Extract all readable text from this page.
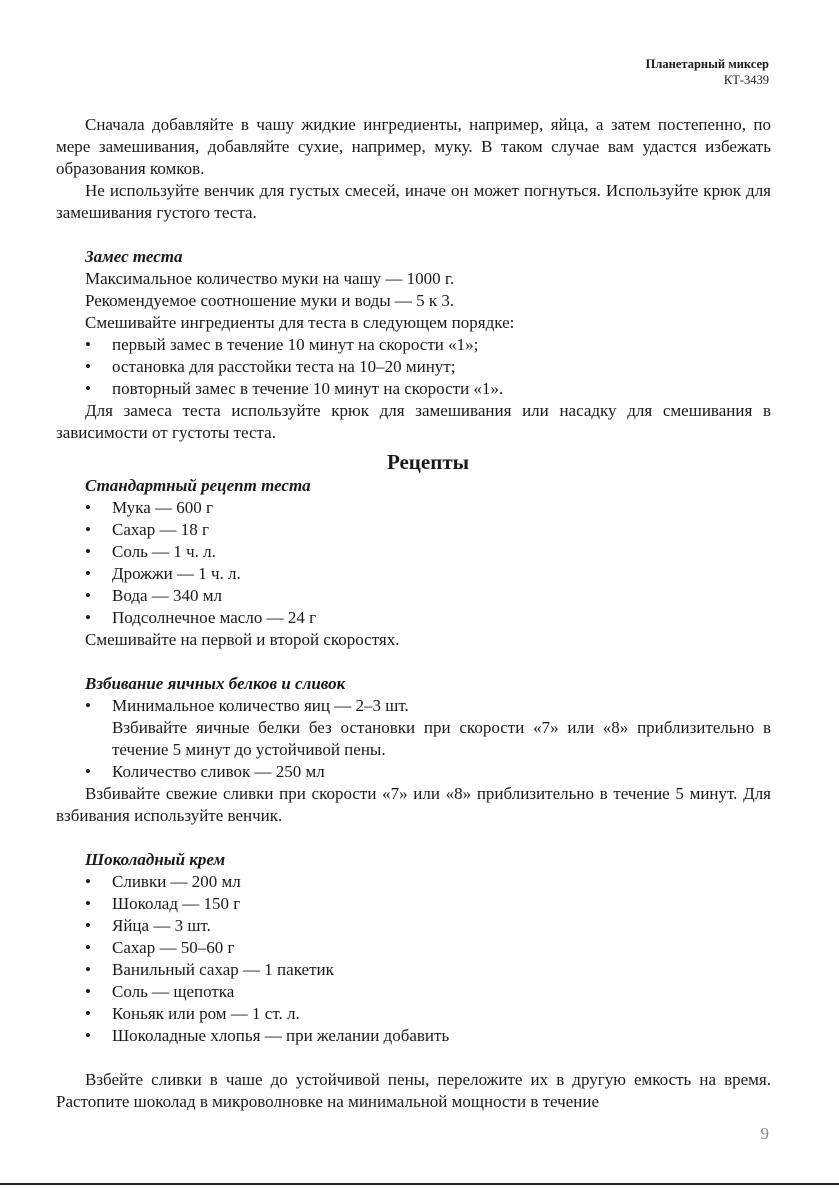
Планетарный миксер
КТ-3439

Сначала добавляйте в чашу жидкие ингредиенты, например, яйца, а затем постепенно, по мере замешивания, добавляйте сухие, например, муку. В таком случае вам удастся избежать образования комков.

Не используйте венчик для густых смесей, иначе он может погнуться. Используйте крюк для замешивания густого теста.

Замес теста

Максимальное количество муки на чашу — 1000 г.

Рекомендуемое соотношение муки и воды — 5 к 3.

Смешивайте ингредиенты для теста в следующем порядке:

• первый замес в течение 10 минут на скорости «1»;
• остановка для расстойки теста на 10–20 минут;
• повторный замес в течение 10 минут на скорости «1».

Для замеса теста используйте крюк для замешивания или насадку для смешивания в зависимости от густоты теста.

Рецепты

Стандартный рецепт теста

• Мука — 600 г
• Сахар — 18 г
• Соль — 1 ч. л.
• Дрожжи — 1 ч. л.
• Вода — 340 мл
• Подсолнечное масло — 24 г

Смешивайте на первой и второй скоростях.

Взбивание яичных белков и сливок

• Минимальное количество яиц — 2–3 шт.
Взбивайте яичные белки без остановки при скорости «7» или «8» приблизительно в течение 5 минут до устойчивой пены.
• Количество сливок — 250 мл

Взбивайте свежие сливки при скорости «7» или «8» приблизительно в течение 5 минут. Для взбивания используйте венчик.

Шоколадный крем

• Сливки — 200 мл
• Шоколад — 150 г
• Яйца — 3 шт.
• Сахар — 50–60 г
• Ванильный сахар — 1 пакетик
• Соль — щепотка
• Коньяк или ром — 1 ст. л.
• Шоколадные хлопья — при желании добавить

Взбейте сливки в чаше до устойчивой пены, переложите их в другую емкость на время. Растопите шоколад в микроволновке на минимальной мощности в течение

9
